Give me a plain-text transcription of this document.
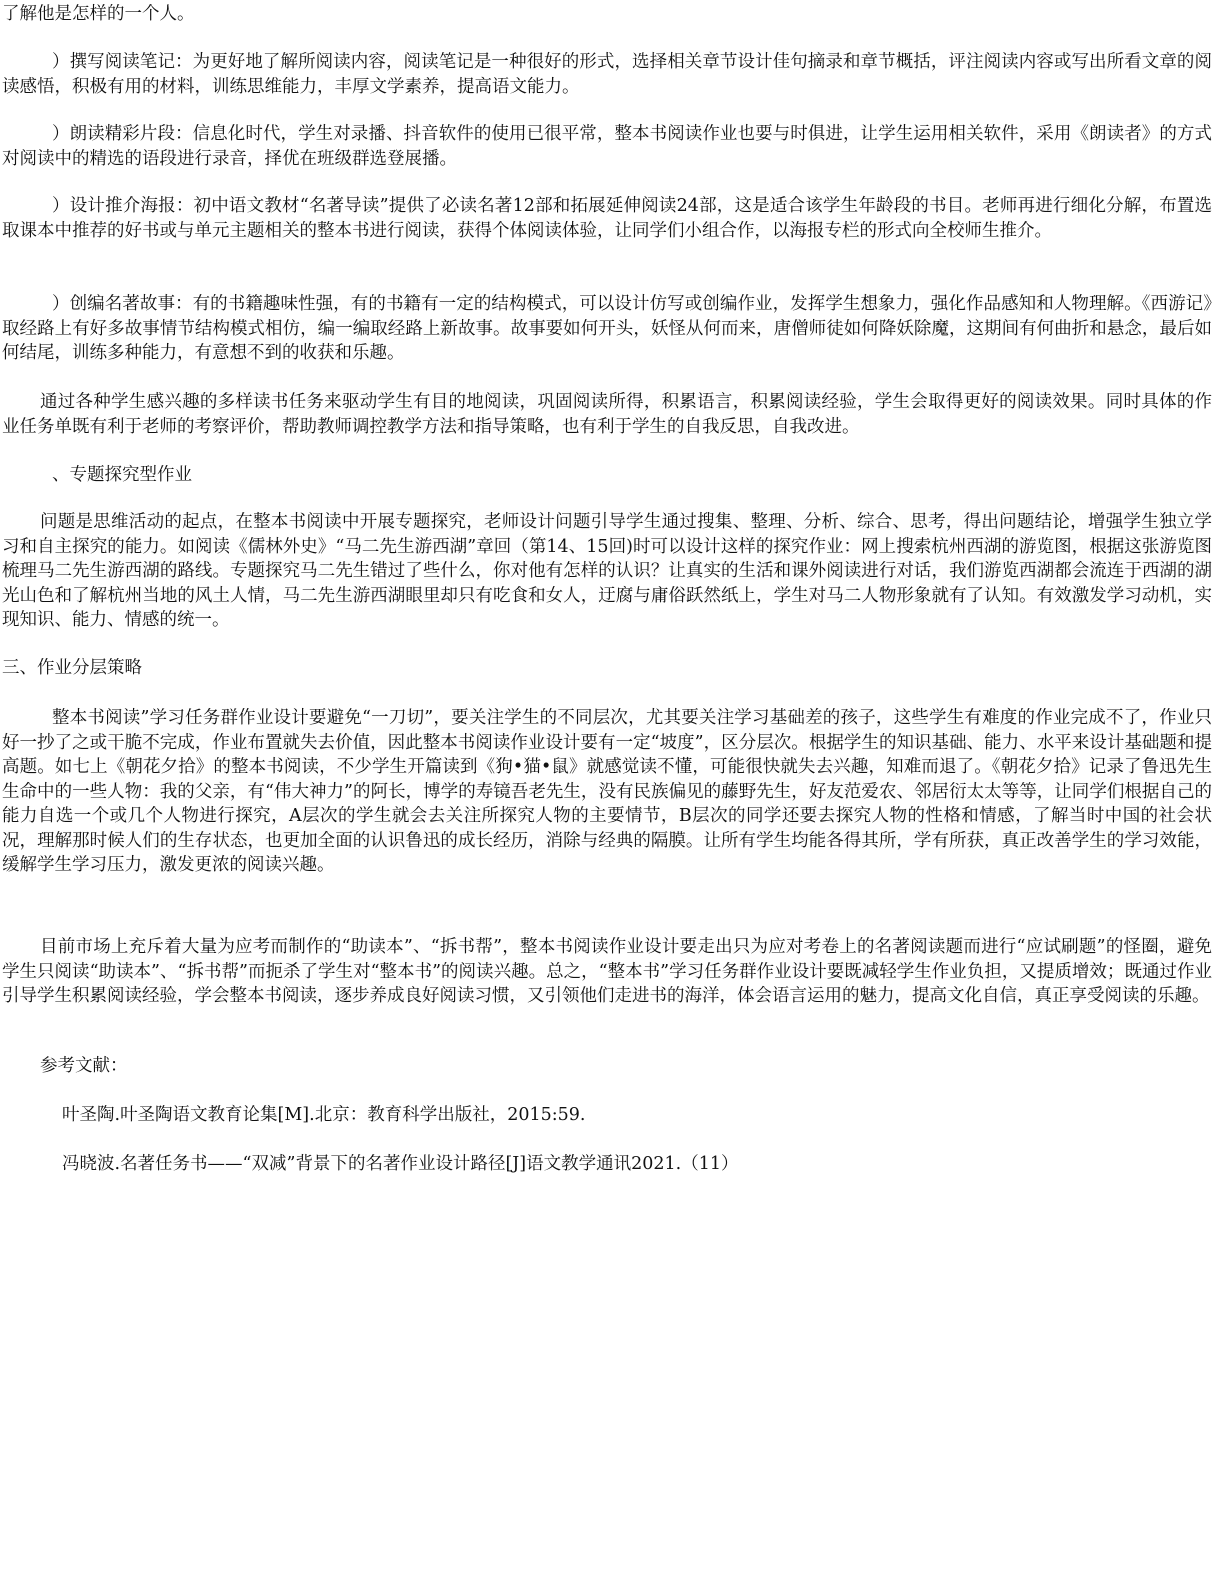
了解他是怎样的一个人。

）撰写阅读笔记：为更好地了解所阅读内容，阅读笔记是一种很好的形式，选择相关章节设计佳句摘录和章节概括，评注阅读内容或写出所看文章的阅读感悟，积极有用的材料，训练思维能力，丰厚文学素养，提高语文能力。

）朗读精彩片段：信息化时代，学生对录播、抖音软件的使用已很平常，整本书阅读作业也要与时俱进，让学生运用相关软件，采用《朗读者》的方式对阅读中的精选的语段进行录音，择优在班级群选登展播。

）设计推介海报：初中语文教材“名著导读”提供了必读名著12部和拓展延伸阅读24部，这是适合该学生年龄段的书目。老师再进行细化分解，布置选取课本中推荐的好书或与单元主题相关的整本书进行阅读，获得个体阅读体验，让同学们小组合作，以海报专栏的形式向全校师生推介。

）创编名著故事：有的书籍趣味性强，有的书籍有一定的结构模式，可以设计仿写或创编作业，发挥学生想象力，强化作品感知和人物理解。《西游记》取经路上有好多故事情节结构模式相仿，编一编取经路上新故事。故事要如何开头，妖怪从何而来，唐僧师徒如何降妖除魔，这期间有何曲折和悬念，最后如何结尾，训练多种能力，有意想不到的收获和乐趣。

通过各种学生感兴趣的多样读书任务来驱动学生有目的地阅读，巩固阅读所得，积累语言，积累阅读经验，学生会取得更好的阅读效果。同时具体的作业任务单既有利于老师的考察评价，帮助教师调控教学方法和指导策略，也有利于学生的自我反思，自我改进。

、专题探究型作业

问题是思维活动的起点，在整本书阅读中开展专题探究，老师设计问题引导学生通过搜集、整理、分析、综合、思考，得出问题结论，增强学生独立学习和自主探究的能力。如阅读《儒林外史》“马二先生游西湖”章回（第14、15回)时可以设计这样的探究作业：网上搜索杭州西湖的游览图，根据这张游览图梳理马二先生游西湖的路线。专题探究马二先生错过了些什么，你对他有怎样的认识？让真实的生活和课外阅读进行对话，我们游览西湖都会流连于西湖的湖光山色和了解杭州当地的风土人情，马二先生游西湖眼里却只有吃食和女人，迂腐与庸俗跃然纸上，学生对马二人物形象就有了认知。有效激发学习动机，实现知识、能力、情感的统一。

三、作业分层策略

整本书阅读”学习任务群作业设计要避免“一刀切”，要关注学生的不同层次，尤其要关注学习基础差的孩子，这些学生有难度的作业完成不了，作业只好一抄了之或干脆不完成，作业布置就失去价值，因此整本书阅读作业设计要有一定“坡度”，区分层次。根据学生的知识基础、能力、水平来设计基础题和提高题。如七上《朝花夕拾》的整本书阅读，不少学生开篇读到《狗•猫•鼠》就感觉读不懂，可能很快就失去兴趣，知难而退了。《朝花夕拾》记录了鲁迅先生生命中的一些人物：我的父亲，有“伟大神力”的阿长，博学的寿镜吾老先生，没有民族偏见的藤野先生，好友范爱农、邻居衍太太等等，让同学们根据自己的能力自选一个或几个人物进行探究，A层次的学生就会去关注所探究人物的主要情节，B层次的同学还要去探究人物的性格和情感，了解当时中国的社会状况，理解那时候人们的生存状态，也更加全面的认识鲁迅的成长经历，消除与经典的隔膜。让所有学生均能各得其所，学有所获，真正改善学生的学习效能，缓解学生学习压力，激发更浓的阅读兴趣。

目前市场上充斥着大量为应考而制作的“助读本”、“拆书帮”，整本书阅读作业设计要走出只为应对考卷上的名著阅读题而进行“应试刷题”的怪圈，避免学生只阅读“助读本”、“拆书帮”而扼杀了学生对“整本书”的阅读兴趣。总之，“整本书”学习任务群作业设计要既减轻学生作业负担，又提质增效；既通过作业引导学生积累阅读经验，学会整本书阅读，逐步养成良好阅读习惯，又引领他们走进书的海洋，体会语言运用的魅力，提高文化自信，真正享受阅读的乐趣。

参考文献：

叶圣陶.叶圣陶语文教育论集[M].北京：教育科学出版社，2015:59.

冯晓波.名著任务书——“双减”背景下的名著作业设计路径[J]语文教学通讯2021.（11）
